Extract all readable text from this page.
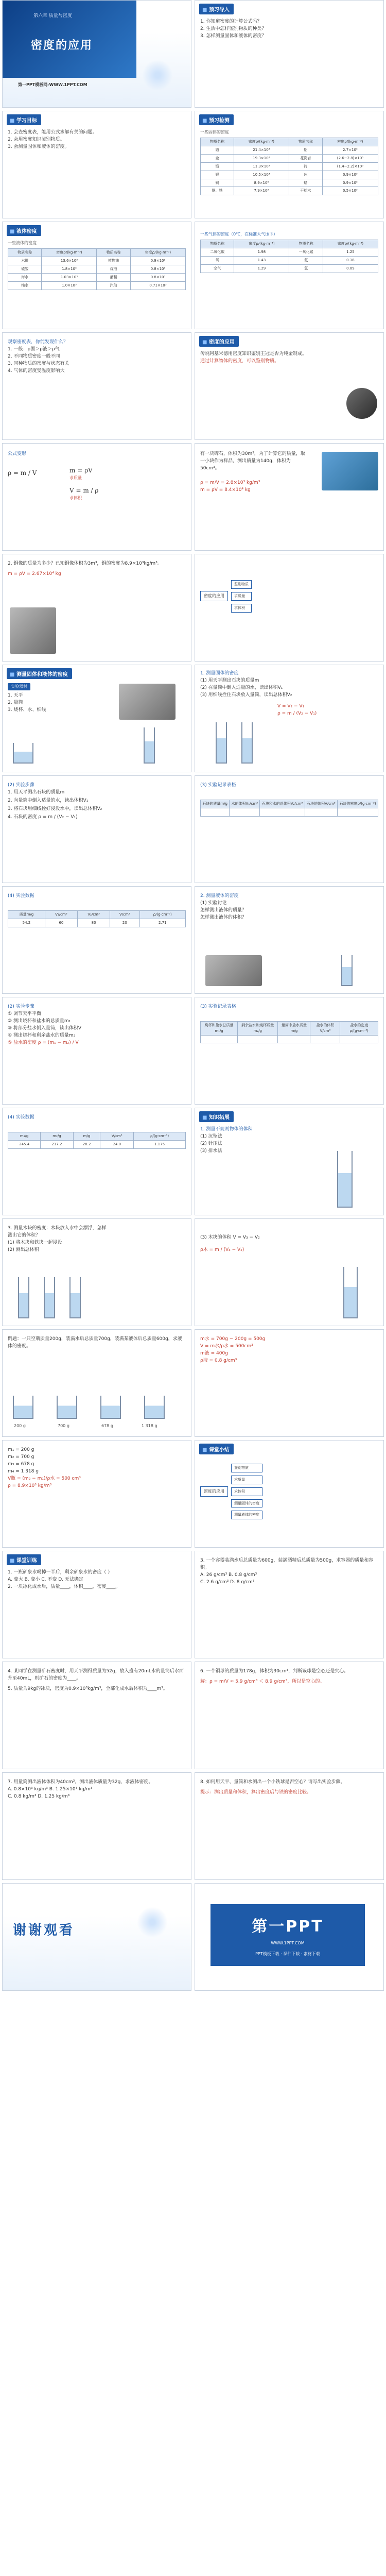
第六章 质量与密度
密度的应用
第一PPT模板网-WWW.1PPT.COM
■ 预习导入
1. 你知道密度的计算公式吗？
2. 生活中怎样鉴别物质的种类？
3. 怎样测量固体和液体的密度？
■ 学习目标
1. 会查密度表，能用公式求解有关的问题。
2. 会用密度知识鉴别物质。
3. 会测量固体和液体的密度。
■ 预习检测
一些固体的密度
物质名称	密度ρ/(kg·m⁻³)	物质名称	密度ρ/(kg·m⁻³)
铂	21.4×10³	铝	2.7×10³
金	19.3×10³	花岗岩	(2.6~2.8)×10³
铅	11.3×10³	砖	(1.4~2.2)×10³
银	10.5×10³	冰	0.9×10³
铜	8.9×10³	蜡	0.9×10³
钢、铁	7.9×10³	干松木	0.5×10³
■ 液体密度
一些液体的密度
物质名称	密度ρ/(kg·m⁻³)	物质名称	密度ρ/(kg·m⁻³)
水银	13.6×10³	植物油	0.9×10³
硫酸	1.8×10³	煤油	0.8×10³
海水	1.03×10³	酒精	0.8×10³
纯水	1.0×10³	汽油	0.71×10³
一些气体的密度（0℃，在标准大气压下）
物质名称	密度ρ/(kg·m⁻³)	物质名称	密度ρ/(kg·m⁻³)
二氧化碳	1.98	一氧化碳	1.25
氧	1.43	氦	0.18
空气	1.29	氢	0.09
观察密度表，你能发现什么？
1. 一般：ρ固＞ρ液＞ρ气
2. 不同物质密度一般不同
3. 同种物质的密度与状态有关
4. 气体的密度受温度影响大
■ 密度的应用
传说阿基米德用密度知识鉴别王冠是否为纯金制成。
通过计算物体的密度，可以鉴别物质。
公式变形
ρ = m / V	m = ρV
求质量
V = m / ρ
求体积
有一块碑石，体积为30m³，为了计算它的质量，取一小块作为样品，测出质量为140g，体积为50cm³。
ρ = m/V = 2.8×10³ kg/m³
m = ρV = 8.4×10⁴ kg
2. 铜像的质量为多少？已知铜像体积为3m³，铜的密度为8.9×10³kg/m³。
m = ρV = 2.67×10⁴ kg
密度的应用
鉴别物质
求质量
求体积
■ 测量固体和液体的密度
实验器材
1. 天平
2. 量筒
3. 烧杯、水、细线
1. 测量固体的密度
(1) 用天平测出石块的质量m
(2) 在量筒中倒入适量的水，读出体积V₁
(3) 用细线拴住石块放入量筒，读出总体积V₂
V = V₂ − V₁
ρ = m / (V₂ − V₁)
(2) 实验步骤
1. 用天平测出石块的质量m
2. 向量筒中倒入适量的水，读出体积V₁
3. 将石块用细线拴好浸没水中，读出总体积V₂
4. 石块的密度 ρ = m / (V₂ − V₁)
(3) 实验记录表格
石块的质量m/g	水的体积V₁/cm³	石块和水的总体积V₂/cm³	石块的体积V/cm³	石块的密度ρ/(g·cm⁻³)

(4) 实验数据
质量m/g	V₁/cm³	V₂/cm³	V/cm³	ρ/(g·cm⁻³)
54.2	60	80	20	2.71
2. 测量液体的密度
(1) 实验讨论
怎样测出液体的质量？
怎样测出液体的体积？
(2) 实验步骤
① 调节天平平衡
② 测出烧杯和盐水的总质量m₁
③ 将部分盐水倒入量筒，读出体积V
④ 测出烧杯和剩余盐水的质量m₂
⑤ 盐水的密度 ρ = (m₁ − m₂) / V
(3) 实验记录表格
烧杯和盐水总质量m₁/g	剩余盐水和烧杯质量m₂/g	量筒中盐水质量m/g	盐水的体积V/cm³	盐水的密度ρ/(g·cm⁻³)

(4) 实验数据
m₁/g	m₂/g	m/g	V/cm³	ρ/(g·cm⁻³)
245.4	217.2	28.2	24.0	1.175
■ 知识拓展
1. 测量不规则物体的体积
(1) 沉坠法
(2) 针压法
(3) 排水法
3. 测量木块的密度：木块放入水中会漂浮，怎样测出它的体积？
(1) 将木块和铁块一起浸没
(2) 测出总体积
(3) 木块的体积 V = V₃ − V₂
ρ木 = m / (V₃ − V₂)
例题：一只空瓶质量200g，装满水后总质量700g，装满某液体后总质量600g，求液体的密度。
200 g	700 g	678 g	1 318 g
m水 = 700g − 200g = 500g
V = m水/ρ水 = 500cm³
m液 = 400g
ρ液 = 0.8 g/cm³
m₁ = 200 g
m₂ = 700 g
m₃ = 678 g
m₄ = 1 318 g
V瓶 = (m₂ − m₁)/ρ水 = 500 cm³
ρ = 8.9×10³ kg/m³
■ 课堂小结
密度的应用
鉴别物质
求质量
求体积
测量固体的密度
测量液体的密度
■ 课堂训练
1. 一瓶矿泉水喝掉一半后，剩余矿泉水的密度（ ）
A. 变大 B. 变小 C. 不变 D. 无法确定
2. 一块冰化成水后，质量____，体积____，密度____。
3. 一个容器装满水后总质量为600g，装满酒精后总质量为500g，求容器的质量和容积。
A. 26 g/cm³ B. 0.8 g/cm³
C. 2.6 g/cm³ D. 8 g/cm³
4. 某同学在测量矿石密度时，用天平测得质量为52g，放入盛有20mL水的量筒后水面升至40mL，则矿石的密度为____。
5. 质量为9kg的冰块，密度为0.9×10³kg/m³，全部化成水后体积为____m³。
6. 一个铜球的质量为178g，体积为30cm³，判断该球是空心还是实心。
解：ρ = m/V ≈ 5.9 g/cm³ ＜ 8.9 g/cm³，所以是空心的。
7. 用量筒测出液体体积为40cm³，测出液体质量为32g，求液体密度。
A. 0.8×10³ kg/m³ B. 1.25×10³ kg/m³
C. 0.8 kg/m³ D. 1.25 kg/m³
8. 如何用天平、量筒和水测出一个小铁球是否空心？请写出实验步骤。
提示：测出质量和体积，算出密度后与铁的密度比较。
谢谢观看	第一PPT
WWW.1PPT.COM
PPT模板下载 · 课件下载 · 素材下载
